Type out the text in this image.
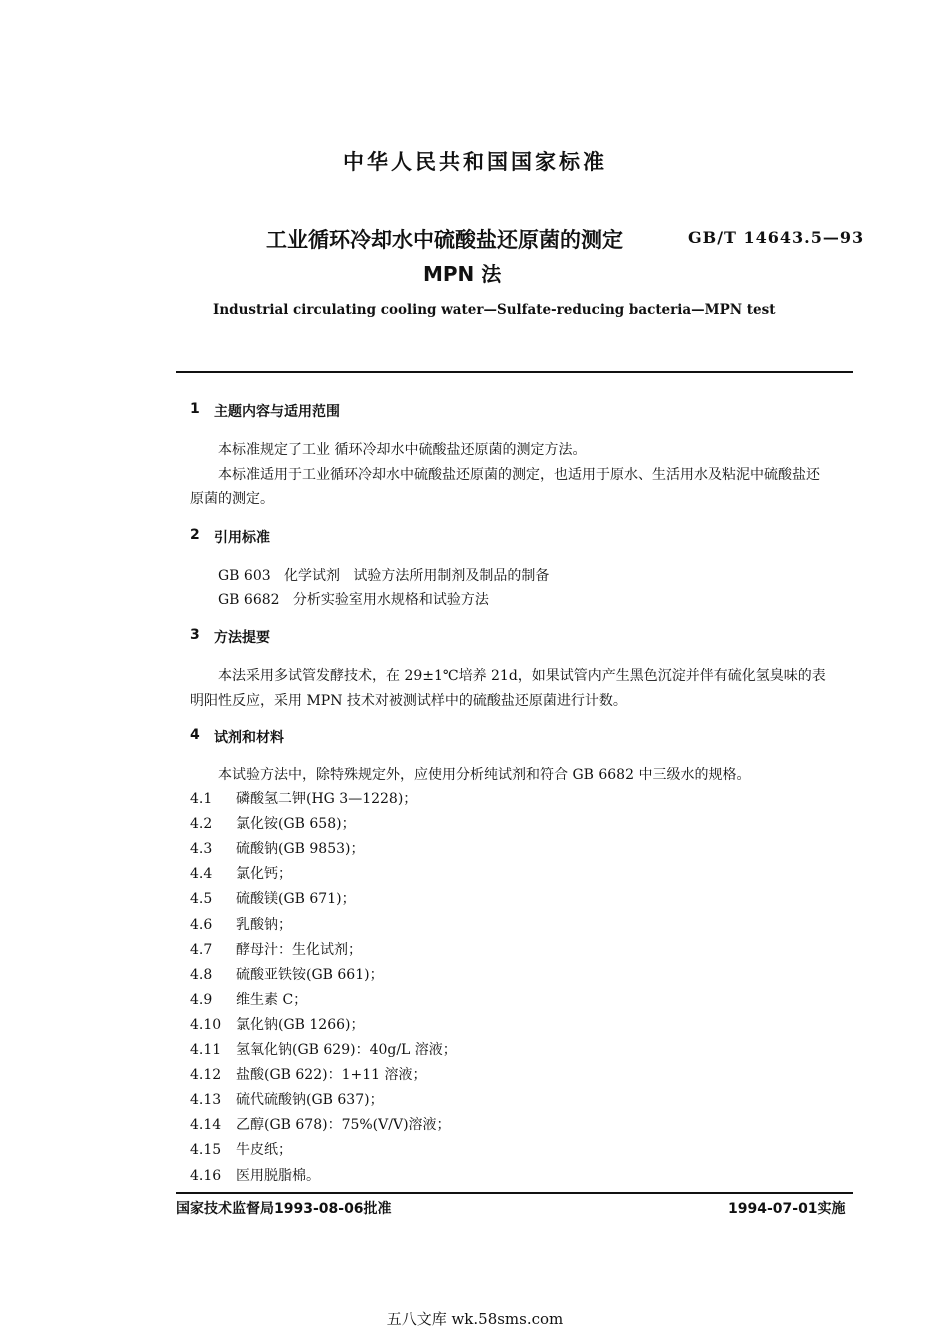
中华人民共和国国家标准
工业循环冷却水中硫酸盐还原菌的测定	GB/T 14643.5—93
MPN 法
Industrial circulating cooling water—Sulfate-reducing bacteria—MPN test
1 主题内容与适用范围
本标准规定了工业 循环冷却水中硫酸盐还原菌的测定方法。
本标准适用于工业循环冷却水中硫酸盐还原菌的测定，也适用于原水、生活用水及粘泥中硫酸盐还
原菌的测定。
2 引用标准
GB 603   化学试剂   试验方法所用制剂及制品的制备
GB 6682   分析实验室用水规格和试验方法
3 方法提要
本法采用多试管发酵技术，在 29±1℃培养 21d，如果试管内产生黑色沉淀并伴有硫化氢臭味的表
明阳性反应，采用 MPN 技术对被测试样中的硫酸盐还原菌进行计数。
4 试剂和材料
本试验方法中，除特殊规定外，应使用分析纯试剂和符合 GB 6682 中三级水的规格。
4.1 磷酸氢二钾(HG 3—1228)；
4.2 氯化铵(GB 658)；
4.3 硫酸钠(GB 9853)；
4.4 氯化钙；
4.5 硫酸镁(GB 671)；
4.6 乳酸钠；
4.7 酵母汁：生化试剂；
4.8 硫酸亚铁铵(GB 661)；
4.9 维生素 C；
4.10 氯化钠(GB 1266)；
4.11 氢氧化钠(GB 629)：40g/L 溶液；
4.12 盐酸(GB 622)：1+11 溶液；
4.13 硫代硫酸钠(GB 637)；
4.14 乙醇(GB 678)：75%(V/V)溶液；
4.15 牛皮纸；
4.16 医用脱脂棉。
国家技术监督局1993-08-06批准	1994-07-01实施
五八文库 wk.58sms.com
